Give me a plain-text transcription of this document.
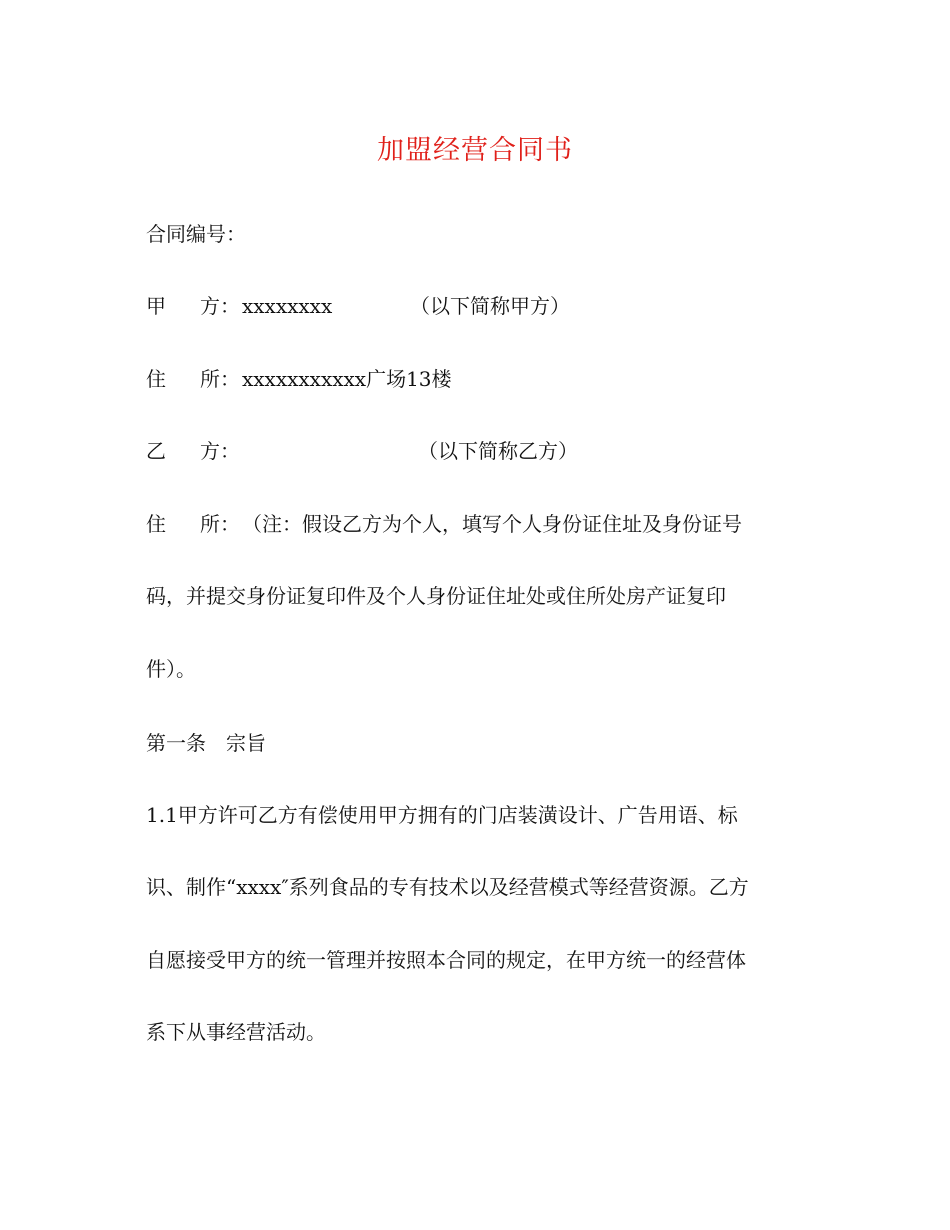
加盟经营合同书
合同编号：
甲 方： xxxxxxxx	（以下简称甲方）
住 所： xxxxxxxxxxx广场13楼
乙 方：	（以下简称乙方）
住 所： （注：假设乙方为个人，填写个人身份证住址及身份证号
码，并提交身份证复印件及个人身份证住址处或住所处房产证复印
件）。
第一条　宗旨
1.1甲方许可乙方有偿使用甲方拥有的门店装潢设计、广告用语、标
识、制作“xxxx″系列食品的专有技术以及经营模式等经营资源。乙方
自愿接受甲方的统一管理并按照本合同的规定，在甲方统一的经营体
系下从事经营活动。
